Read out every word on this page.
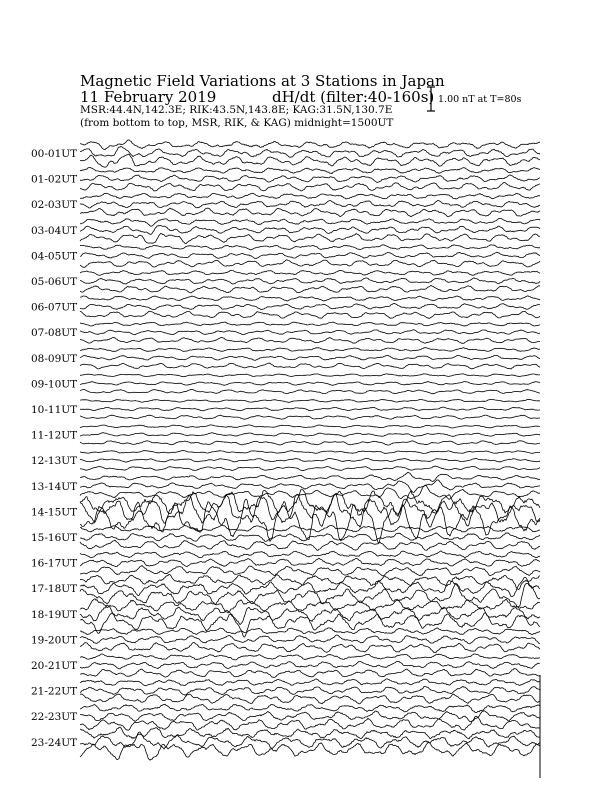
Magnetic Field Variations at 3 Stations in Japan
11 February 2019	dH/dt (filter:40-160s)
MSR:44.4N,142.3E; RIK:43.5N,143.8E; KAG:31.5N,130.7E
(from bottom to top, MSR, RIK, & KAG) midnight=1500UT
1.00 nT at T=80s
00-01UT
01-02UT
02-03UT
03-04UT
04-05UT
05-06UT
06-07UT
07-08UT
08-09UT
09-10UT
10-11UT
11-12UT
12-13UT
13-14UT
14-15UT
15-16UT
16-17UT
17-18UT
18-19UT
19-20UT
20-21UT
21-22UT
22-23UT
23-24UT
